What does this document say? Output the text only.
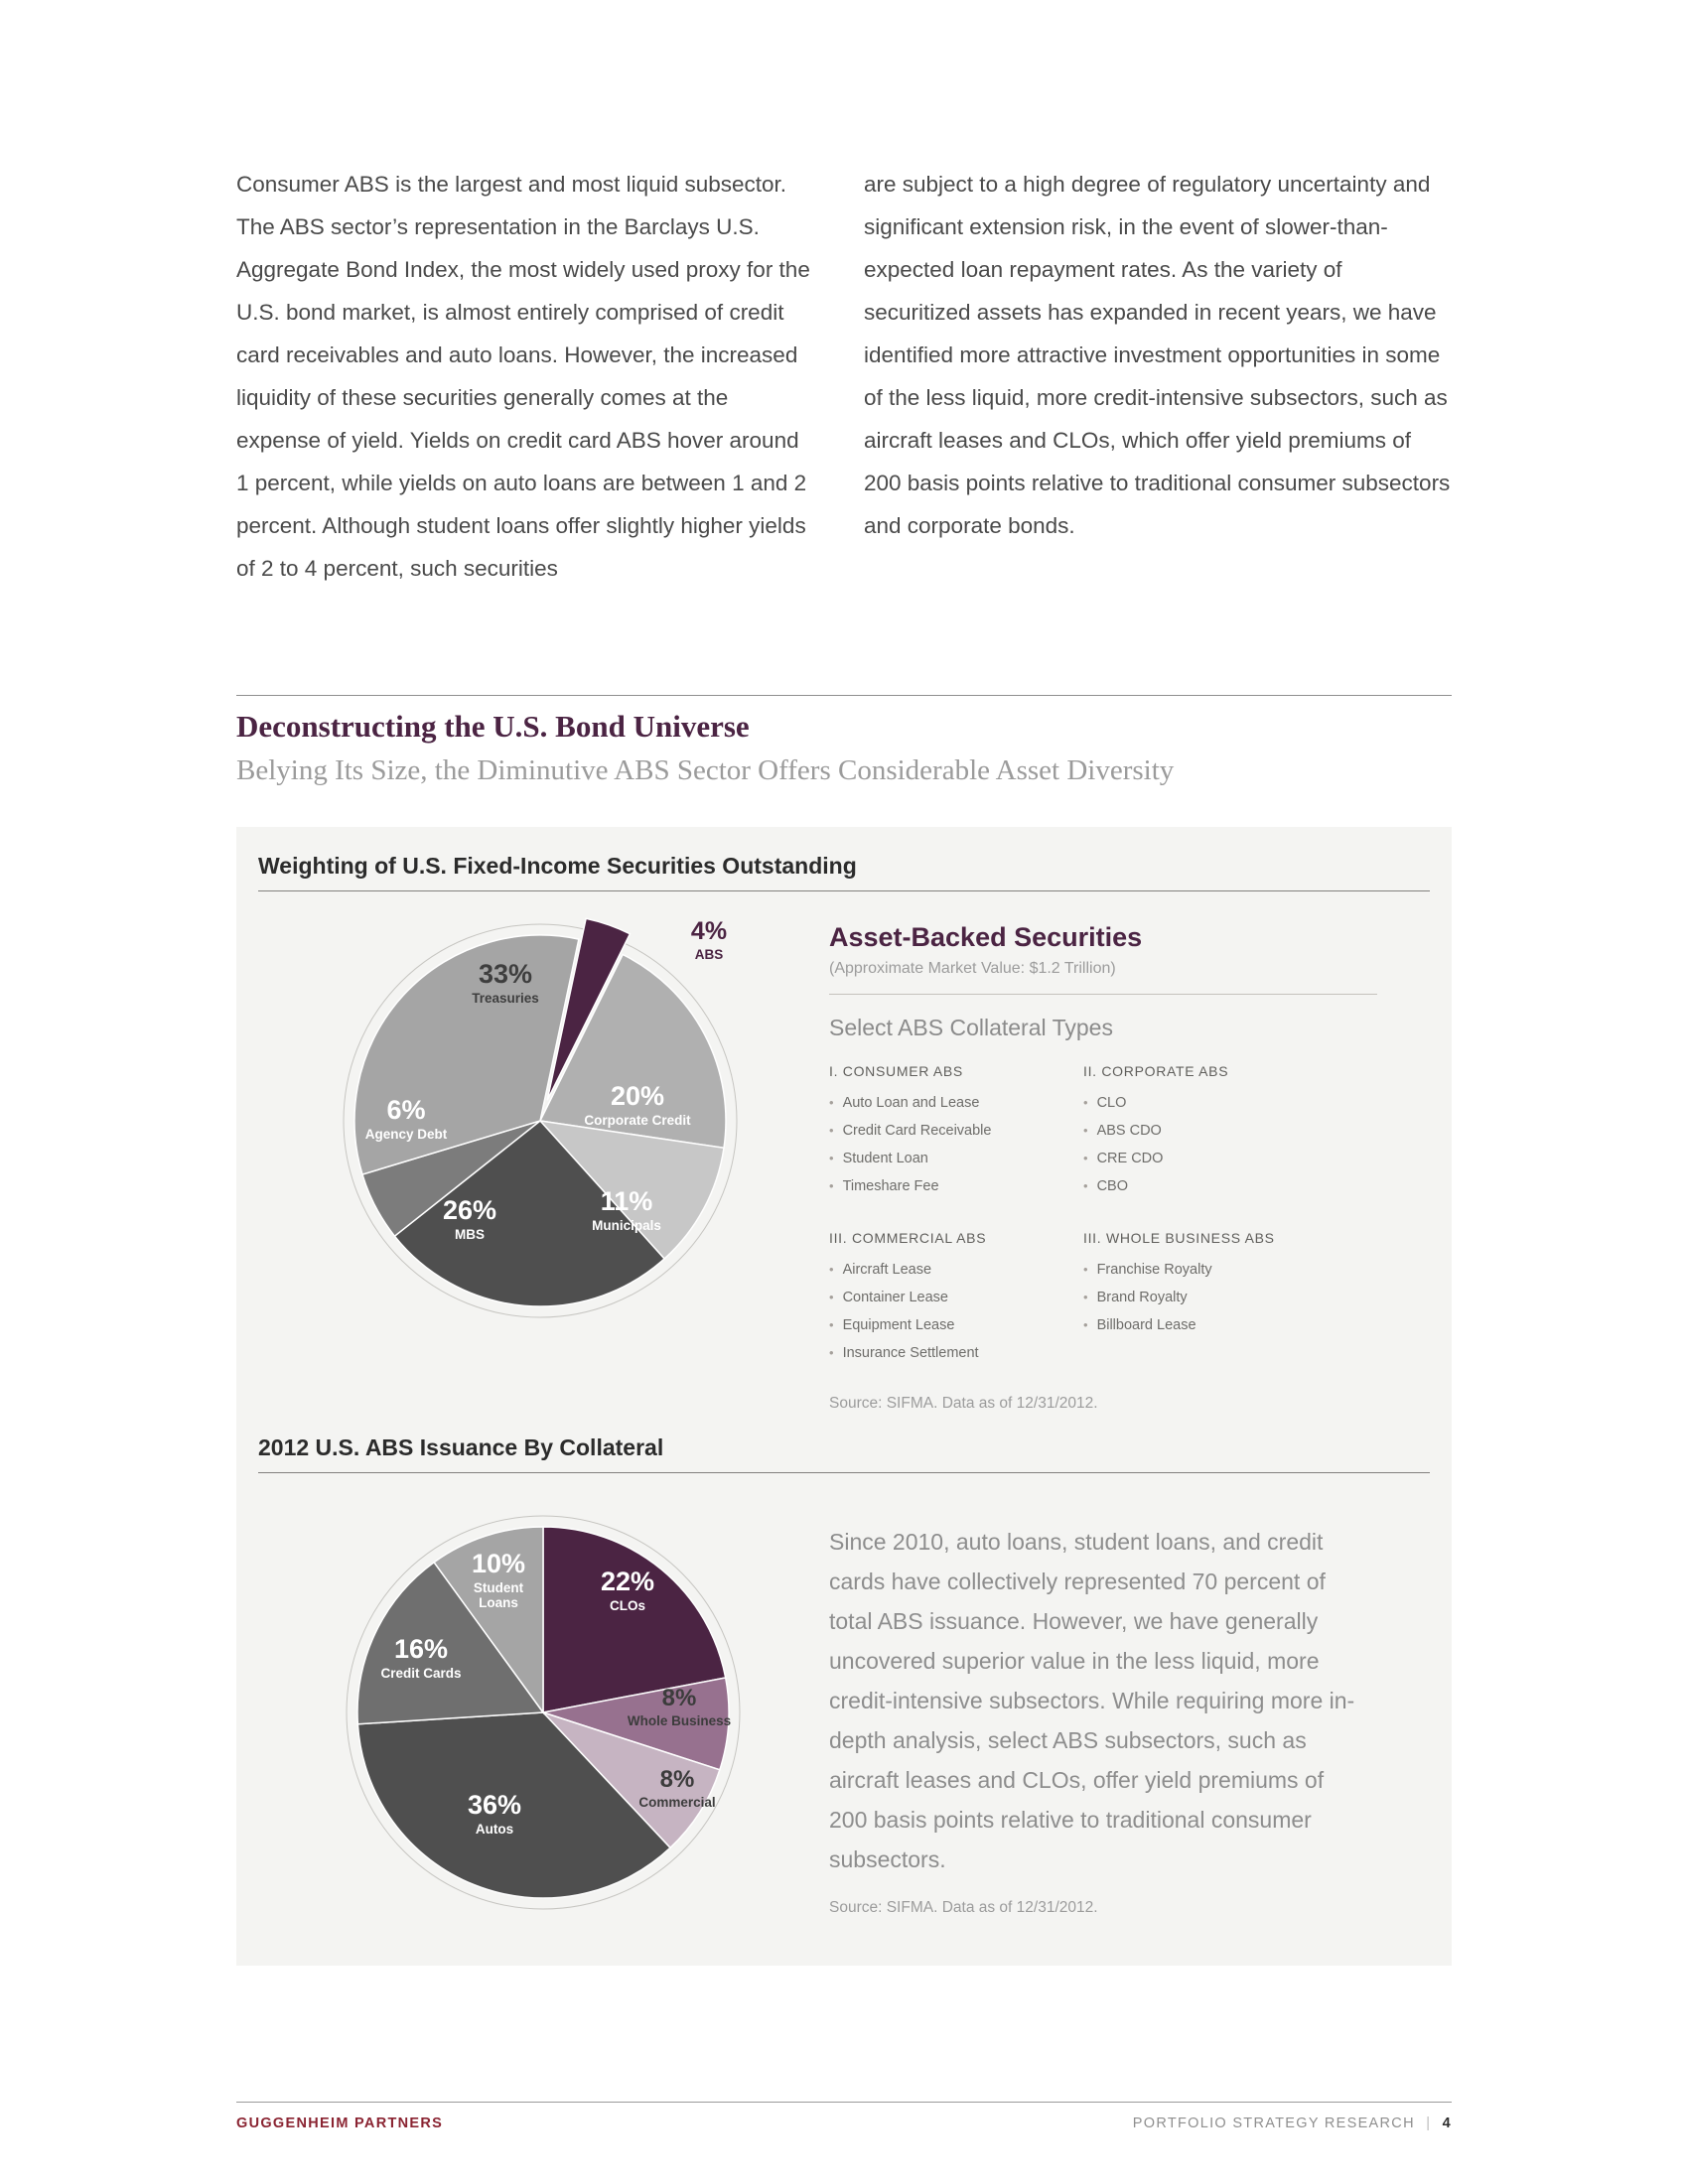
Consumer ABS is the largest and most liquid subsector. The ABS sector’s representation in the Barclays U.S. Aggregate Bond Index, the most widely used proxy for the U.S. bond market, is almost entirely comprised of credit card receivables and auto loans. However, the increased liquidity of these securities generally comes at the expense of yield. Yields on credit card ABS hover around 1 percent, while yields on auto loans are between 1 and 2 percent. Although student loans offer slightly higher yields of 2 to 4 percent, such securities
are subject to a high degree of regulatory uncertainty and significant extension risk, in the event of slower-than-expected loan repayment rates. As the variety of securitized assets has expanded in recent years, we have identified more attractive investment opportunities in some of the less liquid, more credit-intensive subsectors, such as aircraft leases and CLOs, which offer yield premiums of 200 basis points relative to traditional consumer subsectors and corporate bonds.
Deconstructing the U.S. Bond Universe
Belying Its Size, the Diminutive ABS Sector Offers Considerable Asset Diversity
Weighting of U.S. Fixed-Income Securities Outstanding
4%
ABS
20%
Corporate Credit
11%
Municipals
26%
MBS
6%
Agency Debt
33%
Treasuries
Asset-Backed Securities
(Approximate Market Value: $1.2 Trillion)
Select ABS Collateral Types
I. CONSUMER ABS
• Auto Loan and Lease
• Credit Card Receivable
• Student Loan
• Timeshare Fee
II. CORPORATE ABS
• CLO
• ABS CDO
• CRE CDO
• CBO
III. COMMERCIAL ABS
• Aircraft Lease
• Container Lease
• Equipment Lease
• Insurance Settlement
III. WHOLE BUSINESS ABS
• Franchise Royalty
• Brand Royalty
• Billboard Lease
Source: SIFMA. Data as of 12/31/2012.
2012 U.S. ABS Issuance By Collateral
22%
CLOs
8%
Whole Business
8%
Commercial
36%
Autos
16%
Credit Cards
10%
Student
Loans
Since 2010, auto loans, student loans, and credit cards have collectively represented 70 percent of total ABS issuance. However, we have generally uncovered superior value in the less liquid, more credit-intensive subsectors. While requiring more in-depth analysis, select ABS subsectors, such as aircraft leases and CLOs, offer yield premiums of 200 basis points relative to traditional consumer subsectors.
Source: SIFMA. Data as of 12/31/2012.
GUGGENHEIM PARTNERS	PORTFOLIO STRATEGY RESEARCH | 4
